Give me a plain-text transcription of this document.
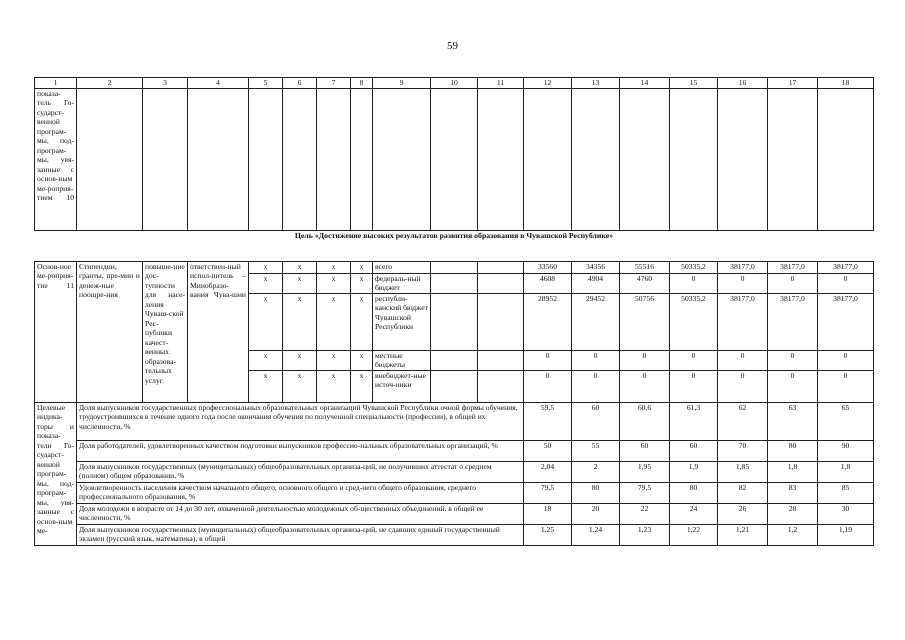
59
1	2	3	4	5	6	7	8	9	10	11	12	13	14	15	16	17	18
показа-тель Го-сударст-венной програм-мы, под-програм-мы, увя-занные с основ-ным ме-роприя-тием 10																	
Цель «Достижение высоких результатов развития образования в Чувашской Республике»																	
Основ-ное ме-роприя-тие 11	Стипендии, гранты, пре-мии и денеж-ные поощре-ния	повыше-ние дос-тупности для насе-ления Чуваш-ской Рес-публики качест-венных образова-тельных услуг	ответствен-ный испол-нитель – Минобразо-вания Чува-шии	x	x	x	x	всего			33560	34356	55516	50335,2	38177,0	38177,0	38177,0
				x	x	x	x	федераль-ный бюджет			4608	4904	4760	0	0	0	0
				x	x	x	x	республи-канский бюджет Чувашской Республики			28952	29452	50756	50335,2	38177,0	38177,0	38177,0
				x	x	x	x	местные бюджеты			0	0	0	0	0	0	0
				x	x	x	x	внебюджет-ные источ-ники			0	0	0	0	0	0	0
Целевые индика-торы и показа-тели Го-сударст-венной програм-мы, под-програм-мы, увя-занные с основ-ным ме-	Доля выпускников государственных профессиональных образовательных организаций Чувашской Республики очной формы обучения, трудоустроившихся в течение одного года после окончания обучения по полученной специальности (профессии), в общей их численности, %										59,5	60	60,6	61,3	62	63	65
	Доля работодателей, удовлетворенных качеством подготовки выпускников профессио-нальных образовательных организаций, %										50	55	60	60	70	80	90
	Доля выпускников государственных (муниципальных) общеобразовательных организа-ций, не получивших аттестат о среднем (полном) общем образовании, %										2,04	2	1,95	1,9	1,85	1,8	1,8
	Удовлетворенность населения качеством начального общего, основного общего и сред-него общего образования, среднего профессионального образования, %										79,5	80	79,5	80	82	83	85
	Доля молодежи в возрасте от 14 до 30 лет, охваченной деятельностью молодежных об-щественных объединений, в общей ее численности, %										18	20	22	24	26	28	30
	Доля выпускников государственных (муниципальных) общеобразовательных организа-ций, не сдавших единый государственный экзамен (русский язык, математика), в общей										1,25	1,24	1,23	1,22	1,21	1,2	1,19
